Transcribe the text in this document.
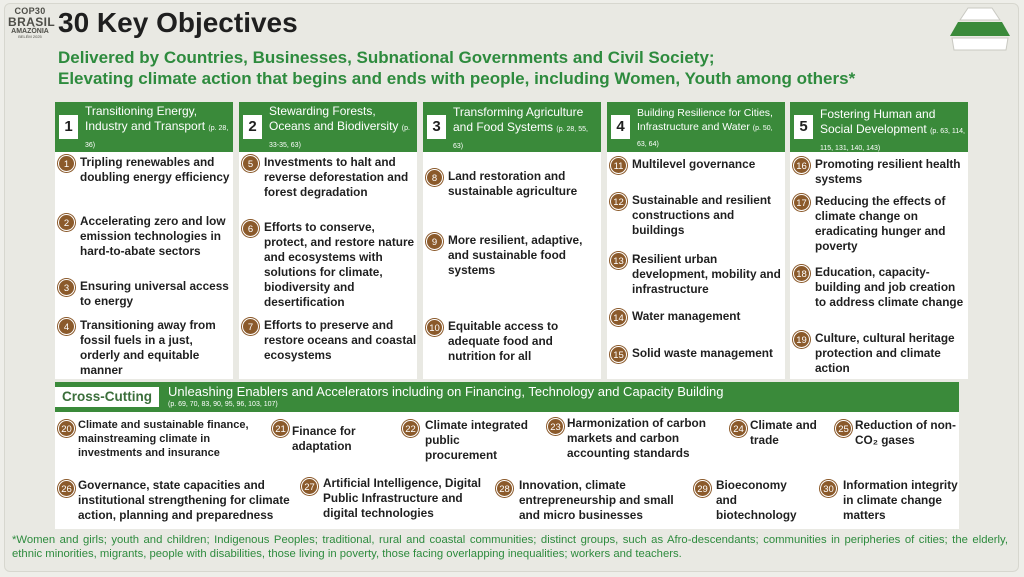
COP30
BRASIL
AMAZÔNIA
BELÉM 2025 30 Key Objectives
Delivered by Countries, Businesses, Subnational Governments and Civil Society;
Elevating climate action that begins and ends with people, including Women, Youth among others*
1
Transitioning Energy, Industry and Transport (p. 28, 36)
1 Tripling renewables and doubling energy efficiency
2 Accelerating zero and low emission technologies in hard-to-abate sectors
3 Ensuring universal access to energy
4 Transitioning away from fossil fuels in a just, orderly and equitable manner
2
Stewarding Forests, Oceans and Biodiversity (p. 33-35, 63)
5 Investments to halt and reverse deforestation and forest degradation
6 Efforts to conserve, protect, and restore nature and ecosystems with solutions for climate, biodiversity and desertification
7 Efforts to preserve and restore oceans and coastal ecosystems
3
Transforming Agriculture and Food Systems (p. 28, 55, 63)
8 Land restoration and sustainable agriculture
9 More resilient, adaptive, and sustainable food systems
10 Equitable access to adequate food and nutrition for all
4
Building Resilience for Cities, Infrastructure and Water (p. 50, 63, 64)
11 Multilevel governance
12 Sustainable and resilient constructions and buildings
13 Resilient urban development, mobility and infrastructure
14 Water management
15 Solid waste management
5
Fostering Human and Social Development (p. 63, 114, 115, 131, 140, 143)
16 Promoting resilient health systems
17 Reducing the effects of climate change on eradicating hunger and poverty
18 Education, capacity-building and job creation to address climate change
19 Culture, cultural heritage protection and climate action
Cross-Cutting	Unleashing Enablers and Accelerators including on Financing, Technology and Capacity Building
(p. 69, 70, 83, 90, 95, 96, 103, 107)
20 Climate and sustainable finance, mainstreaming climate in investments and insurance
21 Finance for adaptation
22 Climate integrated public procurement
23 Harmonization of carbon markets and carbon accounting standards
24 Climate and trade
25 Reduction of non-CO₂ gases
26 Governance, state capacities and institutional strengthening for climate action, planning and preparedness
27 Artificial Intelligence, Digital Public Infrastructure and digital technologies
28 Innovation, climate entrepreneurship and small and micro businesses
29 Bioeconomy and biotechnology
30 Information integrity in climate change matters
*Women and girls; youth and children; Indigenous Peoples; traditional, rural and coastal communities; distinct groups, such as Afro-descendants; communities in peripheries of cities; the elderly, ethnic minorities, migrants, people with disabilities, those living in poverty, those facing overlapping inequalities; workers and teachers.
